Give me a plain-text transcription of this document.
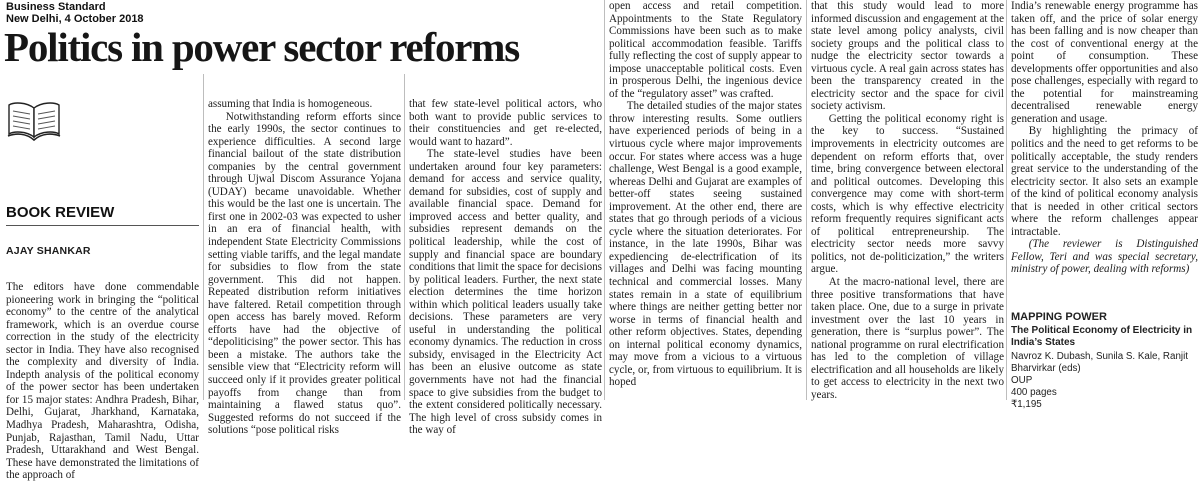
Business Standard
New Delhi, 4 October 2018
Politics in power sector reforms
BOOK REVIEW
AJAY SHANKAR

The editors have done commendable pioneering work in bringing the “political economy” to the centre of the analytical framework, which is an overdue course correction in the study of the electricity sector in India. They have also recognised the complexity and diversity of India. Indepth analysis of the political economy of the power sector has been undertaken for 15 major states: Andhra Pradesh, Bihar, Delhi, Gujarat, Jharkhand, Karnataka, Madhya Pradesh, Maharashtra, Odisha, Punjab, Rajasthan, Tamil Nadu, Uttar Pradesh, Uttarakhand and West Bengal. These have demonstrated the limitations of the approach of

assuming that India is homogeneous.

Notwithstanding reform efforts since the early 1990s, the sector continues to experience difficulties. A second large financial bailout of the state distribution companies by the central government through Ujwal Discom Assurance Yojana (UDAY) became unavoidable. Whether this would be the last one is uncertain. The first one in 2002-03 was expected to usher in an era of financial health, with independent State Electricity Commissions setting viable tariffs, and the legal mandate for subsidies to flow from the state government. This did not happen. Repeated distribution reform initiatives have faltered. Retail competition through open access has barely moved. Reform efforts have had the objective of “depoliticising” the power sector. This has been a mistake. The authors take the sensible view that “Electricity reform will succeed only if it provides greater political payoffs from change than from maintaining a flawed status quo”. Suggested reforms do not succeed if the solutions “pose political risks

that few state-level political actors, who both want to provide public services to their constituencies and get re-elected, would want to hazard”.

The state-level studies have been undertaken around four key parameters: demand for access and service quality, demand for subsidies, cost of supply and available financial space. Demand for improved access and better quality, and subsidies represent demands on the political leadership, while the cost of supply and financial space are boundary conditions that limit the space for decisions by political leaders. Further, the next state election determines the time horizon within which political leaders usually take decisions. These parameters are very useful in understanding the political economy dynamics. The reduction in cross subsidy, envisaged in the Electricity Act has been an elusive outcome as state governments have not had the financial space to give subsidies from the budget to the extent considered politically necessary. The high level of cross subsidy comes in the way of

open access and retail competition. Appointments to the State Regulatory Commissions have been such as to make political accommodation feasible. Tariffs fully reflecting the cost of supply appear to impose unacceptable political costs. Even in prosperous Delhi, the ingenious device of the “regulatory asset” was crafted.

The detailed studies of the major states throw interesting results. Some outliers have experienced periods of being in a virtuous cycle where major improvements occur. For states where access was a huge challenge, West Bengal is a good example, whereas Delhi and Gujarat are examples of better-off states seeing sustained improvement. At the other end, there are states that go through periods of a vicious cycle where the situation deteriorates. For instance, in the late 1990s, Bihar was expediencing de-electrification of its villages and Delhi was facing mounting technical and commercial losses. Many states remain in a state of equilibrium where things are neither getting better nor worse in terms of financial health and other reform objectives. States, depending on internal political economy dynamics, may move from a vicious to a virtuous cycle, or, from virtuous to equilibrium. It is hoped

that this study would lead to more informed discussion and engagement at the state level among policy analysts, civil society groups and the political class to nudge the electricity sector towards a virtuous cycle. A real gain across states has been the transparency created in the electricity sector and the space for civil society activism.

Getting the political economy right is the key to success. “Sustained improvements in electricity outcomes are dependent on reform efforts that, over time, bring convergence between electoral and political outcomes. Developing this convergence may come with short-term costs, which is why effective electricity reform frequently requires significant acts of political entrepreneurship. The electricity sector needs more savvy politics, not de-politicization,” the writers argue.

At the macro-national level, there are three positive transformations that have taken place. One, due to a surge in private investment over the last 10 years in generation, there is “surplus power”. The national programme on rural electrification has led to the completion of village electrification and all households are likely to get access to electricity in the next two years.

India’s renewable energy programme has taken off, and the price of solar energy has been falling and is now cheaper than the cost of conventional energy at the point of consumption. These developments offer opportunities and also pose challenges, especially with regard to the potential for mainstreaming decentralised renewable energy generation and usage.

By highlighting the primacy of politics and the need to get reforms to be politically acceptable, the study renders great service to the understanding of the electricity sector. It also sets an example of the kind of political economy analysis that is needed in other critical sectors where the reform challenges appear intractable.

(The reviewer is Distinguished Fellow, Teri and was special secretary, ministry of power, dealing with reforms)

MAPPING POWER
The Political Economy of Electricity in India’s States
Navroz K. Dubash, Sunila S. Kale, Ranjit Bharvirkar (eds)
OUP
400 pages
₹1,195
